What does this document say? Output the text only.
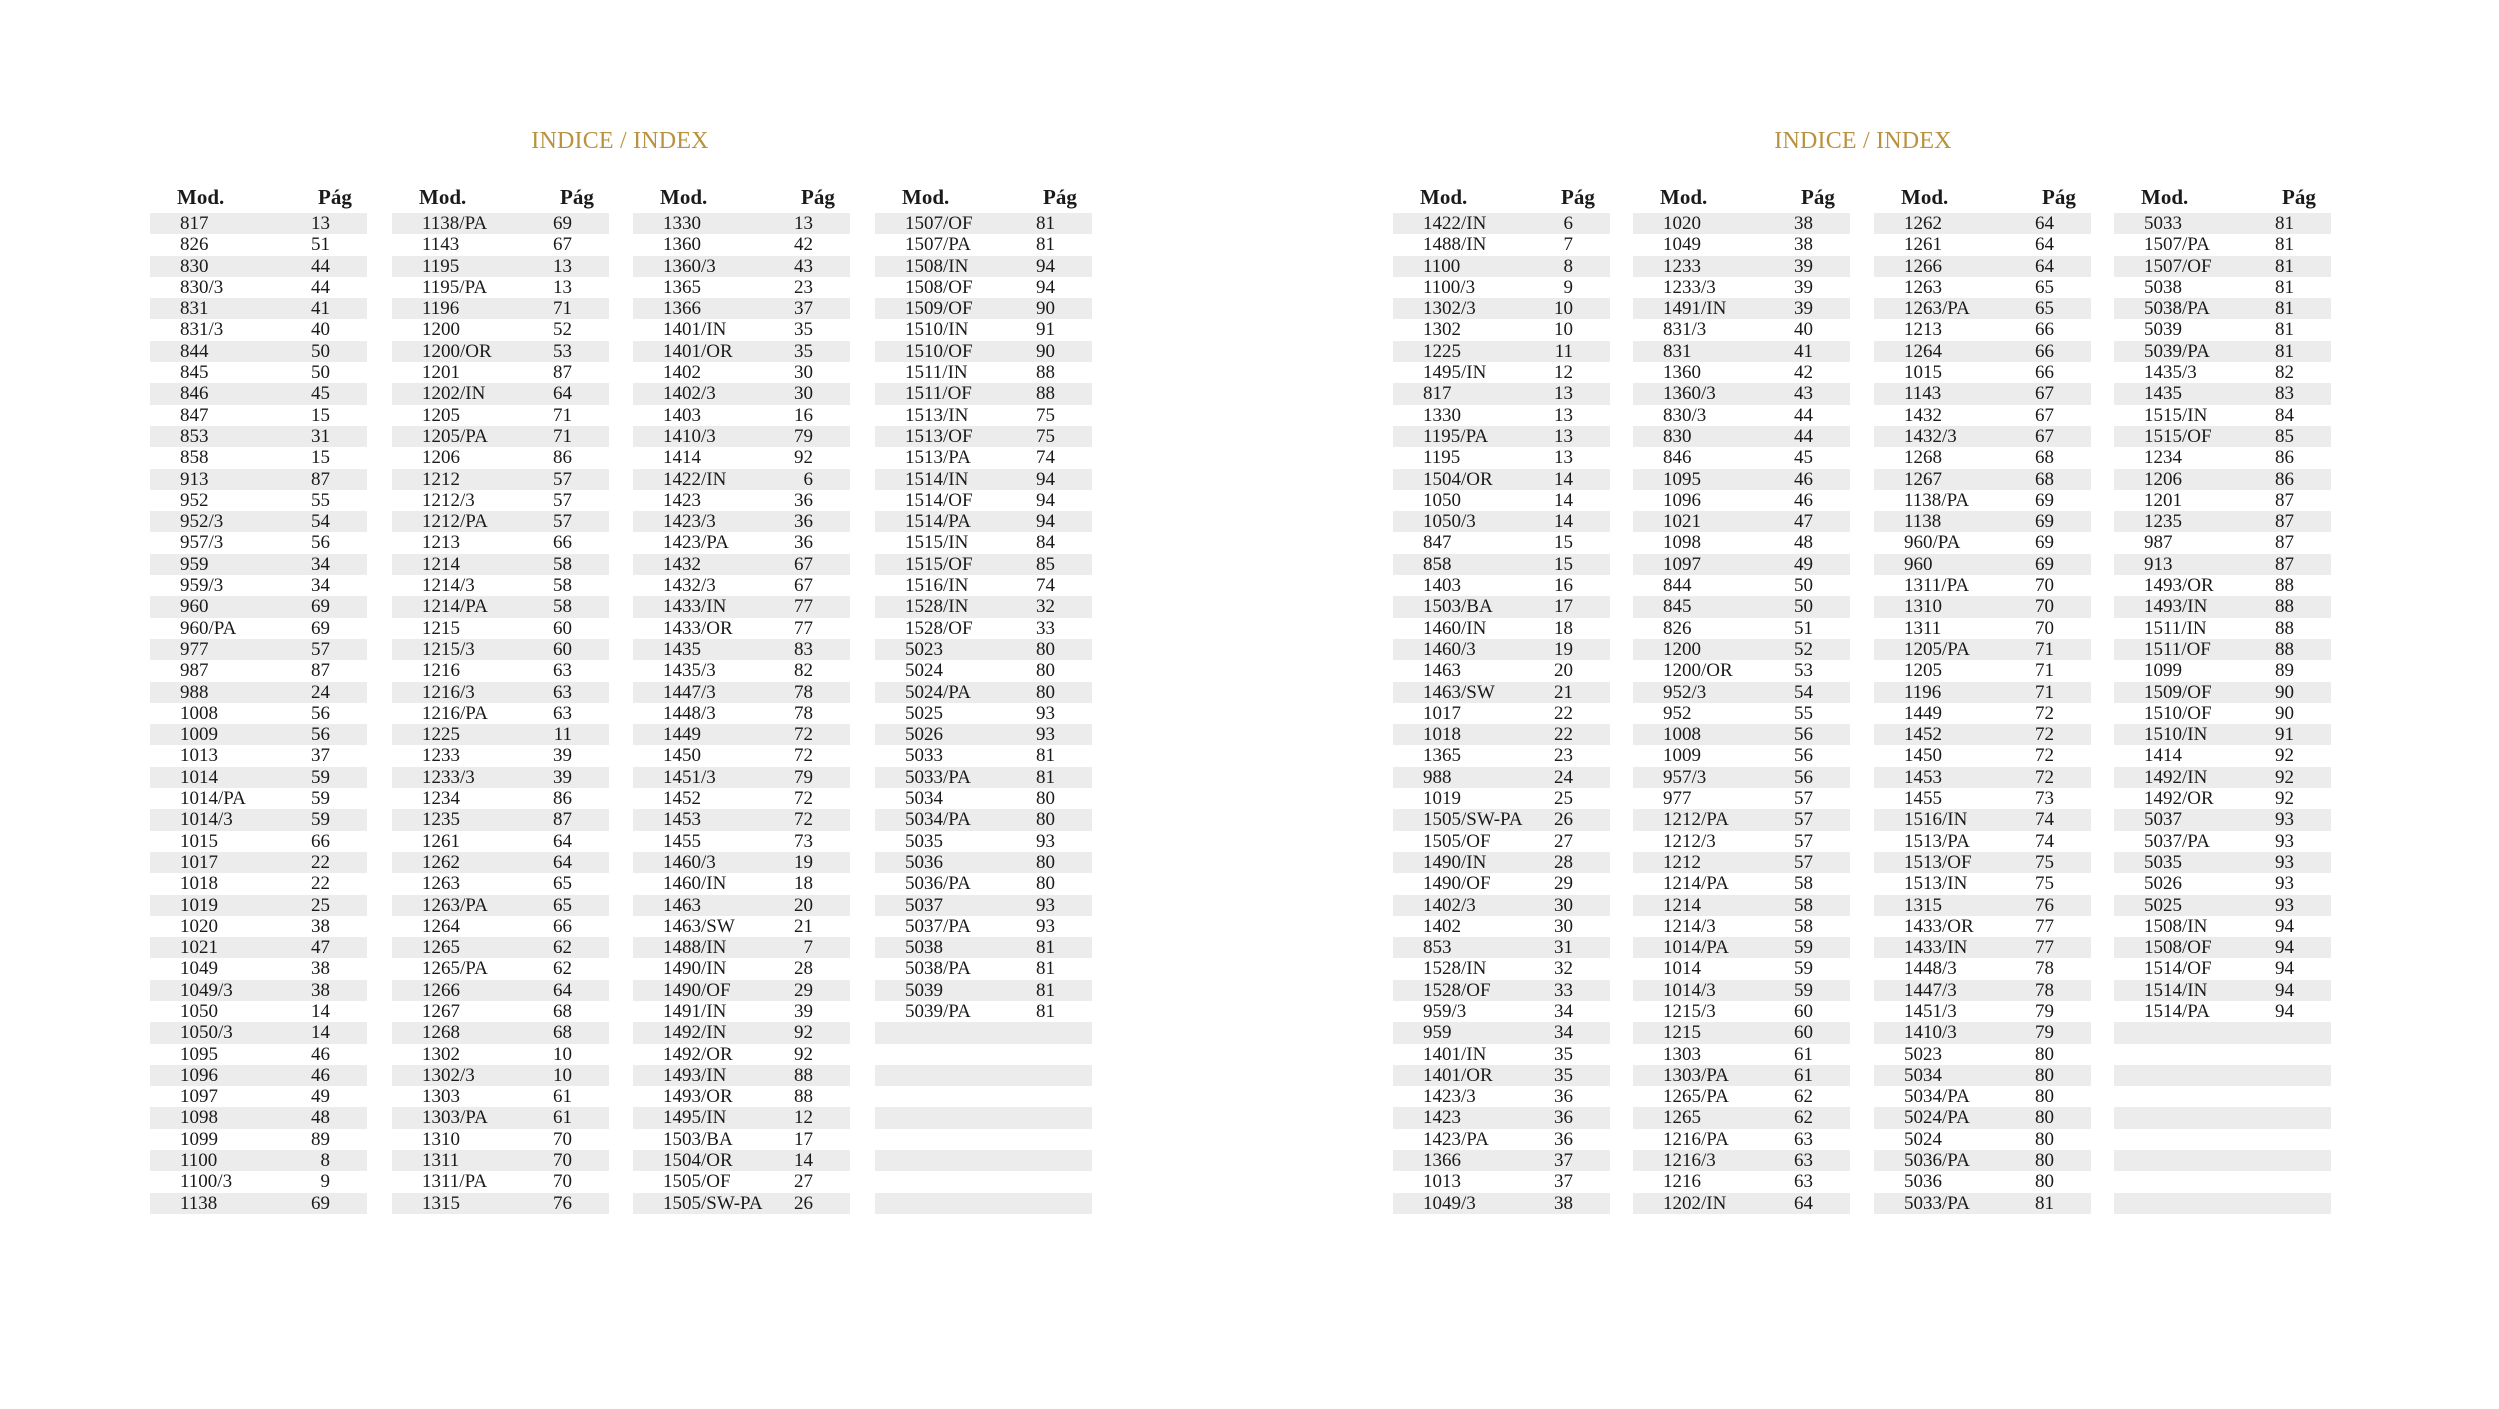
INDICE / INDEX
Mod.	Pág
817	13
826	51
830	44
830/3	44
831	41
831/3	40
844	50
845	50
846	45
847	15
853	31
858	15
913	87
952	55
952/3	54
957/3	56
959	34
959/3	34
960	69
960/PA	69
977	57
987	87
988	24
1008	56
1009	56
1013	37
1014	59
1014/PA	59
1014/3	59
1015	66
1017	22
1018	22
1019	25
1020	38
1021	47
1049	38
1049/3	38
1050	14
1050/3	14
1095	46
1096	46
1097	49
1098	48
1099	89
1100	8
1100/3	9
1138	69
Mod.	Pág
1138/PA	69
1143	67
1195	13
1195/PA	13
1196	71
1200	52
1200/OR	53
1201	87
1202/IN	64
1205	71
1205/PA	71
1206	86
1212	57
1212/3	57
1212/PA	57
1213	66
1214	58
1214/3	58
1214/PA	58
1215	60
1215/3	60
1216	63
1216/3	63
1216/PA	63
1225	11
1233	39
1233/3	39
1234	86
1235	87
1261	64
1262	64
1263	65
1263/PA	65
1264	66
1265	62
1265/PA	62
1266	64
1267	68
1268	68
1302	10
1302/3	10
1303	61
1303/PA	61
1310	70
1311	70
1311/PA	70
1315	76
Mod.	Pág
1330	13
1360	42
1360/3	43
1365	23
1366	37
1401/IN	35
1401/OR	35
1402	30
1402/3	30
1403	16
1410/3	79
1414	92
1422/IN	6
1423	36
1423/3	36
1423/PA	36
1432	67
1432/3	67
1433/IN	77
1433/OR	77
1435	83
1435/3	82
1447/3	78
1448/3	78
1449	72
1450	72
1451/3	79
1452	72
1453	72
1455	73
1460/3	19
1460/IN	18
1463	20
1463/SW	21
1488/IN	7
1490/IN	28
1490/OF	29
1491/IN	39
1492/IN	92
1492/OR	92
1493/IN	88
1493/OR	88
1495/IN	12
1503/BA	17
1504/OR	14
1505/OF	27
1505/SW-PA	26
Mod.	Pág
1507/OF	81
1507/PA	81
1508/IN	94
1508/OF	94
1509/OF	90
1510/IN	91
1510/OF	90
1511/IN	88
1511/OF	88
1513/IN	75
1513/OF	75
1513/PA	74
1514/IN	94
1514/OF	94
1514/PA	94
1515/IN	84
1515/OF	85
1516/IN	74
1528/IN	32
1528/OF	33
5023	80
5024	80
5024/PA	80
5025	93
5026	93
5033	81
5033/PA	81
5034	80
5034/PA	80
5035	93
5036	80
5036/PA	80
5037	93
5037/PA	93
5038	81
5038/PA	81
5039	81
5039/PA	81
INDICE / INDEX
Mod.	Pág
1422/IN	6
1488/IN	7
1100	8
1100/3	9
1302/3	10
1302	10
1225	11
1495/IN	12
817	13
1330	13
1195/PA	13
1195	13
1504/OR	14
1050	14
1050/3	14
847	15
858	15
1403	16
1503/BA	17
1460/IN	18
1460/3	19
1463	20
1463/SW	21
1017	22
1018	22
1365	23
988	24
1019	25
1505/SW-PA	26
1505/OF	27
1490/IN	28
1490/OF	29
1402/3	30
1402	30
853	31
1528/IN	32
1528/OF	33
959/3	34
959	34
1401/IN	35
1401/OR	35
1423/3	36
1423	36
1423/PA	36
1366	37
1013	37
1049/3	38
Mod.	Pág
1020	38
1049	38
1233	39
1233/3	39
1491/IN	39
831/3	40
831	41
1360	42
1360/3	43
830/3	44
830	44
846	45
1095	46
1096	46
1021	47
1098	48
1097	49
844	50
845	50
826	51
1200	52
1200/OR	53
952/3	54
952	55
1008	56
1009	56
957/3	56
977	57
1212/PA	57
1212/3	57
1212	57
1214/PA	58
1214	58
1214/3	58
1014/PA	59
1014	59
1014/3	59
1215/3	60
1215	60
1303	61
1303/PA	61
1265/PA	62
1265	62
1216/PA	63
1216/3	63
1216	63
1202/IN	64
Mod.	Pág
1262	64
1261	64
1266	64
1263	65
1263/PA	65
1213	66
1264	66
1015	66
1143	67
1432	67
1432/3	67
1268	68
1267	68
1138/PA	69
1138	69
960/PA	69
960	69
1311/PA	70
1310	70
1311	70
1205/PA	71
1205	71
1196	71
1449	72
1452	72
1450	72
1453	72
1455	73
1516/IN	74
1513/PA	74
1513/OF	75
1513/IN	75
1315	76
1433/OR	77
1433/IN	77
1448/3	78
1447/3	78
1451/3	79
1410/3	79
5023	80
5034	80
5034/PA	80
5024/PA	80
5024	80
5036/PA	80
5036	80
5033/PA	81
Mod.	Pág
5033	81
1507/PA	81
1507/OF	81
5038	81
5038/PA	81
5039	81
5039/PA	81
1435/3	82
1435	83
1515/IN	84
1515/OF	85
1234	86
1206	86
1201	87
1235	87
987	87
913	87
1493/OR	88
1493/IN	88
1511/IN	88
1511/OF	88
1099	89
1509/OF	90
1510/OF	90
1510/IN	91
1414	92
1492/IN	92
1492/OR	92
5037	93
5037/PA	93
5035	93
5026	93
5025	93
1508/IN	94
1508/OF	94
1514/OF	94
1514/IN	94
1514/PA	94
